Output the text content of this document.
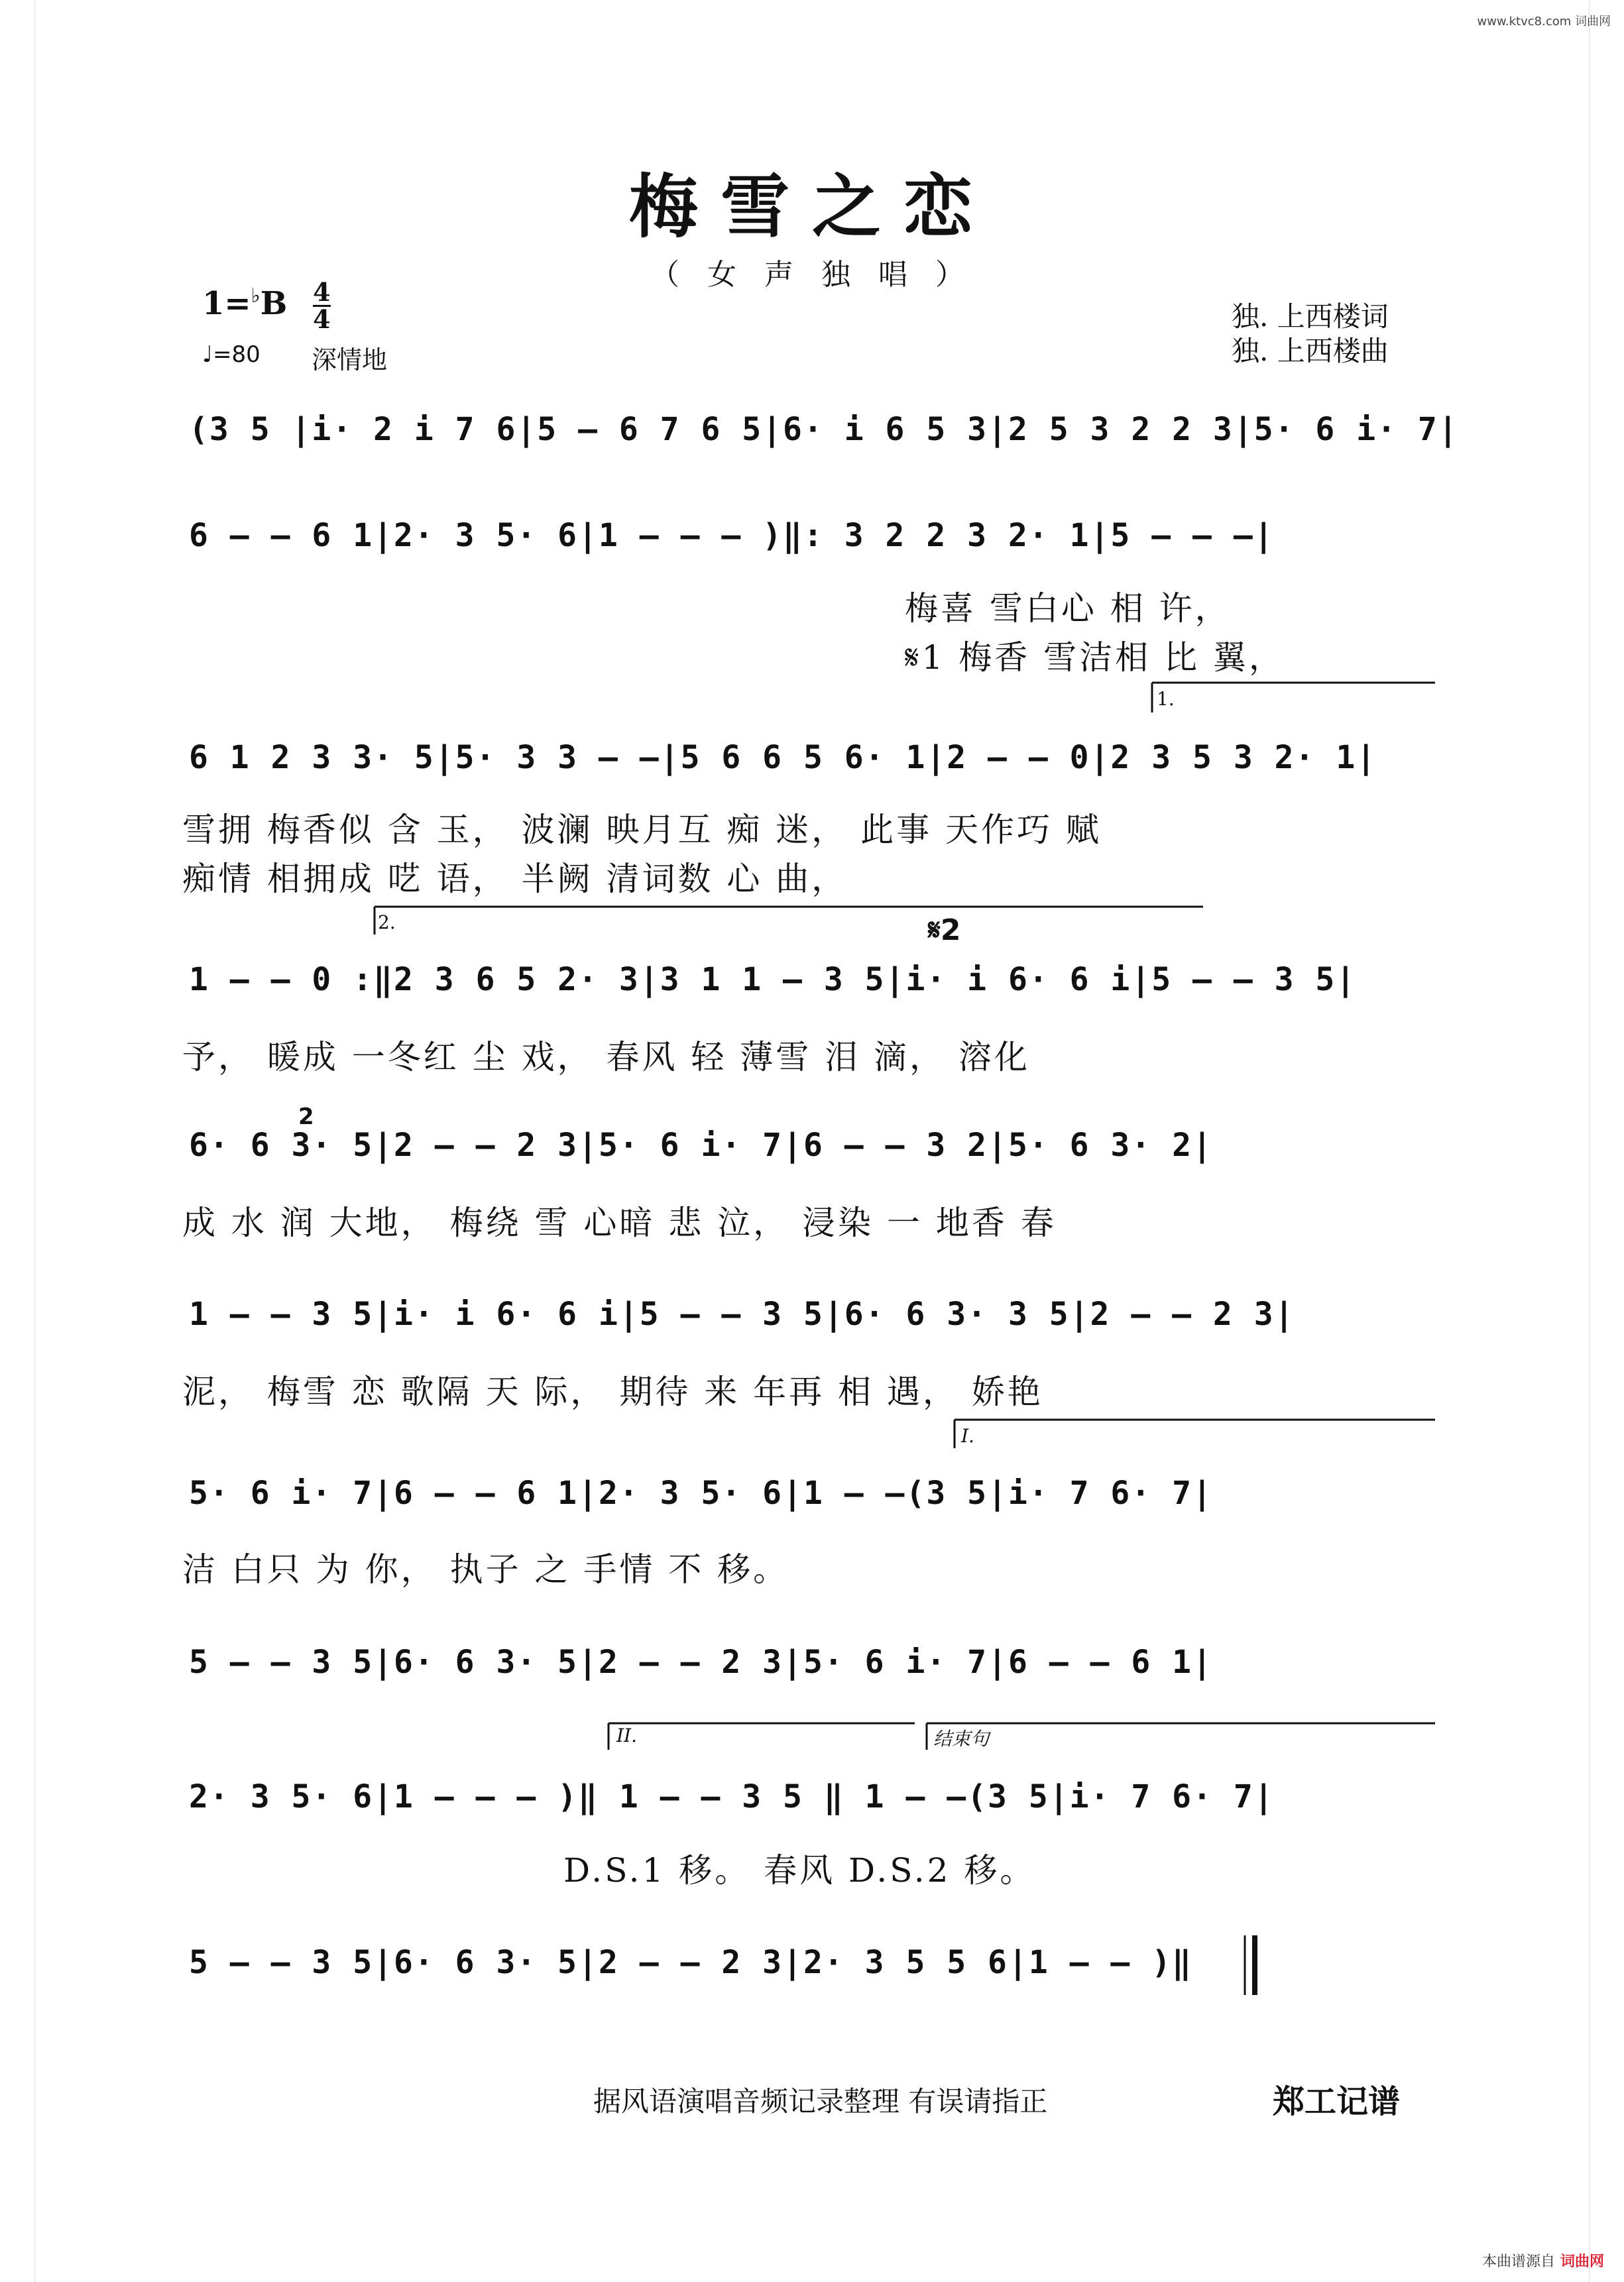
www.ktvc8.com 词曲网
梅雪之恋
（ 女 声 独 唱 ）
$1=^♭B \frac{4}{4}$
♩=80 深情地
独. 上西楼词
独. 上西楼曲
(3 5 |i· 2 i 7 6|5 — 6 7 6 5|6· i 6 5 3|2 5 3 2 2 3|5· 6 i· 7|
6 — — 6 1|2· 3 5· 6|1 — — — )‖: 3 2 2 3 2· 1|5 — — —|
梅喜 雪白心 相 许，
𝄋1 梅香 雪洁相 比 翼，
1.
6 1 2 3 3· 5|5· 3 3 — —|5 6 6 5 6· 1|2 — — 0|2 3 5 3 2· 1|
雪拥 梅香似 含 玉， 波澜 映月互 痴 迷， 此事 天作巧 赋
痴情 相拥成 呓 语， 半阙 清词数 心 曲，
2.	𝄋2
1 — — 0 :‖2 3 6 5 2· 3|3 1 1 — 3 5|i· i 6· 6 i|5 — — 3 5|
予， 暖成 一冬红 尘 戏， 春风 轻 薄雪 泪 滴， 溶化
2
6· 6 3· 5|2 — — 2 3|5· 6 i· 7|6 — — 3 2|5· 6 3· 2|
成 水 润 大地， 梅绕 雪 心暗 悲 泣， 浸染 一 地香 春
1 — — 3 5|i· i 6· 6 i|5 — — 3 5|6· 6 3· 3 5|2 — — 2 3|
泥， 梅雪 恋 歌隔 天 际， 期待 来 年再 相 遇， 娇艳
I.
5· 6 i· 7|6 — — 6 1|2· 3 5· 6|1 — —(3 5|i· 7 6· 7|
洁 白只 为 你， 执子 之 手情 不 移。
5 — — 3 5|6· 6 3· 5|2 — — 2 3|5· 6 i· 7|6 — — 6 1|
II.	结束句
2· 3 5· 6|1 — — — )‖ 1 — — 3 5 ‖ 1 — —(3 5|i· 7 6· 7|
D.S.1 移。 春风 D.S.2 移。
5 — — 3 5|6· 6 3· 5|2 — — 2 3|2· 3 5 5 6|1 — — )‖
据风语演唱音频记录整理 有误请指正	郑工记谱
本曲谱源自 词曲网
